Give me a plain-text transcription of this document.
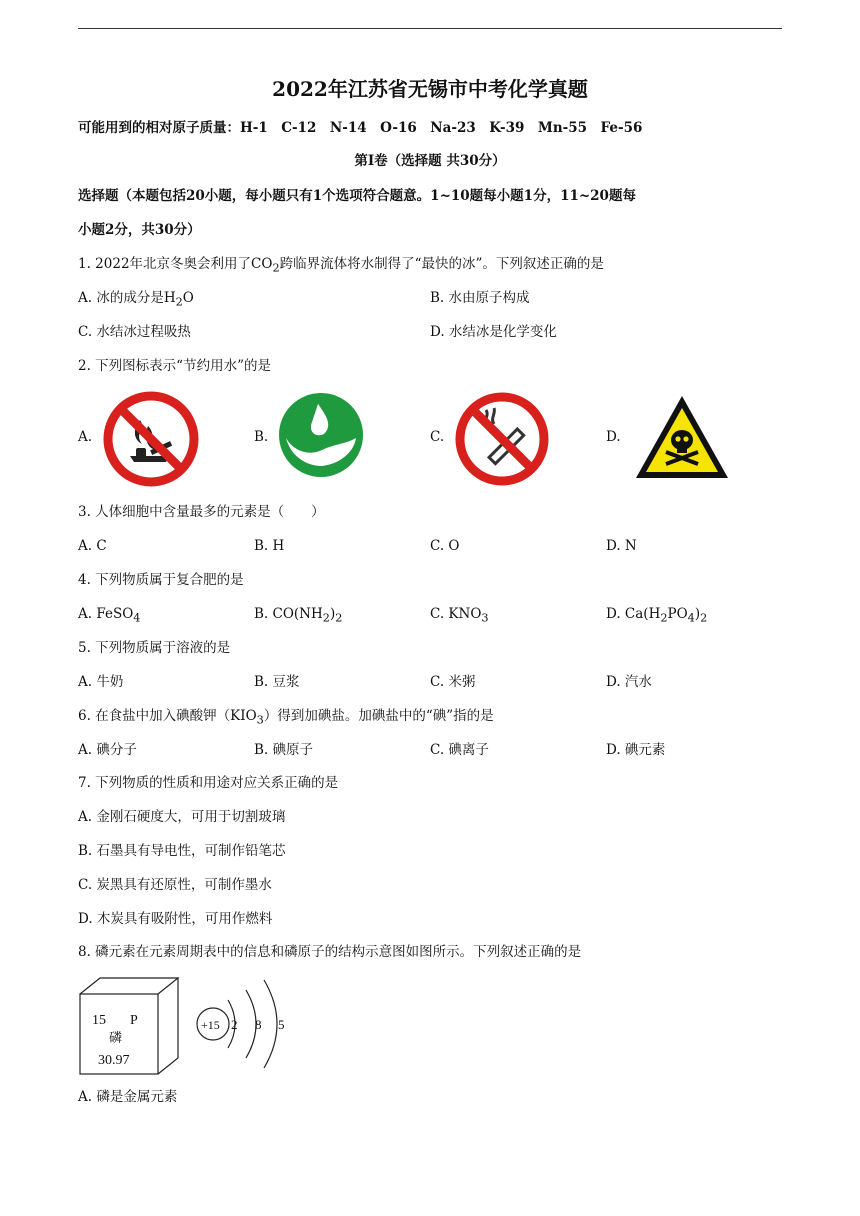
2022年江苏省无锡市中考化学真题
可能用到的相对原子质量：H-1　C-12　N-14　O-16　Na-23　K-39　Mn-55　Fe-56
第I卷（选择题 共30分）
选择题（本题包括20小题，每小题只有1个选项符合题意。1~10题每小题1分，11~20题每
小题2分，共30分）
1. 2022年北京冬奥会利用了$CO_2$跨临界流体将水制得了“最快的冰”。下列叙述正确的是
A. 冰的成分是$H_2O$	B. 水由原子构成
C. 水结冰过程吸热	D. 水结冰是化学变化
2. 下列图标表示“节约用水”的是
A.	B.	C.	D.
3. 人体细胞中含量最多的元素是（　　）
A. C	B. H	C. O	D. N
4. 下列物质属于复合肥的是
A. FeSO$_4$	B. $CO(NH_2)_2$	C. $KNO_3$	D. $Ca(H_2PO_4)_2$
5. 下列物质属于溶液的是
A. 牛奶	B. 豆浆	C. 米粥	D. 汽水
6. 在食盐中加入碘酸钾$(KIO_3)$得到加碘盐。加碘盐中的“碘”指的是
A. 碘分子	B. 碘原子	C. 碘离子	D. 碘元素
7. 下列物质的性质和用途对应关系正确的是
A. 金刚石硬度大，可用于切割玻璃
B. 石墨具有导电性，可制作铅笔芯
C. 炭黑具有还原性，可制作墨水
D. 木炭具有吸附性，可用作燃料
8. 磷元素在元素周期表中的信息和磷原子的结构示意图如图所示。下列叙述正确的是
15 P
磷
30.97
+15 2 8 5
A. 磷是金属元素
